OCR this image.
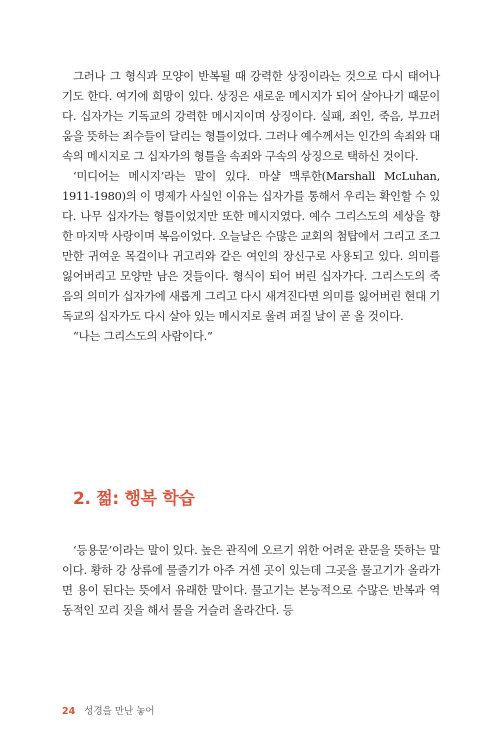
그러나 그 형식과 모양이 반복될 때 강력한 상징이라는 것으로 다시 태어나기도 한다. 여기에 희망이 있다. 상징은 새로운 메시지가 되어 살아나기 때문이다. 십자가는 기독교의 강력한 메시지이며 상징이다. 실패, 죄인, 죽음, 부끄러움을 뜻하는 죄수들이 달리는 형틀이었다. 그러나 예수께서는 인간의 속죄와 대속의 메시지로 그 십자가의 형틀을 속죄와 구속의 상징으로 택하신 것이다.

‘미디어는 메시지’라는 말이 있다. 마샬 맥루한(Marshall McLuhan, 1911-1980)의 이 명제가 사실인 이유는 십자가를 통해서 우리는 확인할 수 있다. 나무 십자가는 형틀이었지만 또한 메시지였다. 예수 그리스도의 세상을 향한 마지막 사랑이며 복음이었다. 오늘날은 수많은 교회의 첨탑에서 그리고 조그만한 귀여운 목걸이나 귀고리와 같은 여인의 장신구로 사용되고 있다. 의미를 잃어버리고 모양만 남은 것들이다. 형식이 되어 버린 십자가다. 그리스도의 죽음의 의미가 십자가에 새롭게 그리고 다시 새겨진다면 의미를 잃어버린 현대 기독교의 십자가도 다시 살아 있는 메시지로 울려 퍼질 날이 곧 올 것이다.

“나는 그리스도의 사람이다.”

2. 쩖: 행복 학습

‘등용문’이라는 말이 있다. 높은 관직에 오르기 위한 어려운 관문을 뜻하는 말이다. 황하 강 상류에 물줄기가 아주 거센 곳이 있는데 그곳을 물고기가 올라가면 용이 된다는 뜻에서 유래한 말이다. 물고기는 본능적으로 수많은 반복과 역동적인 꼬리 짓을 해서 물을 거슬러 올라간다. 등

24 성경을 만난 놓어
